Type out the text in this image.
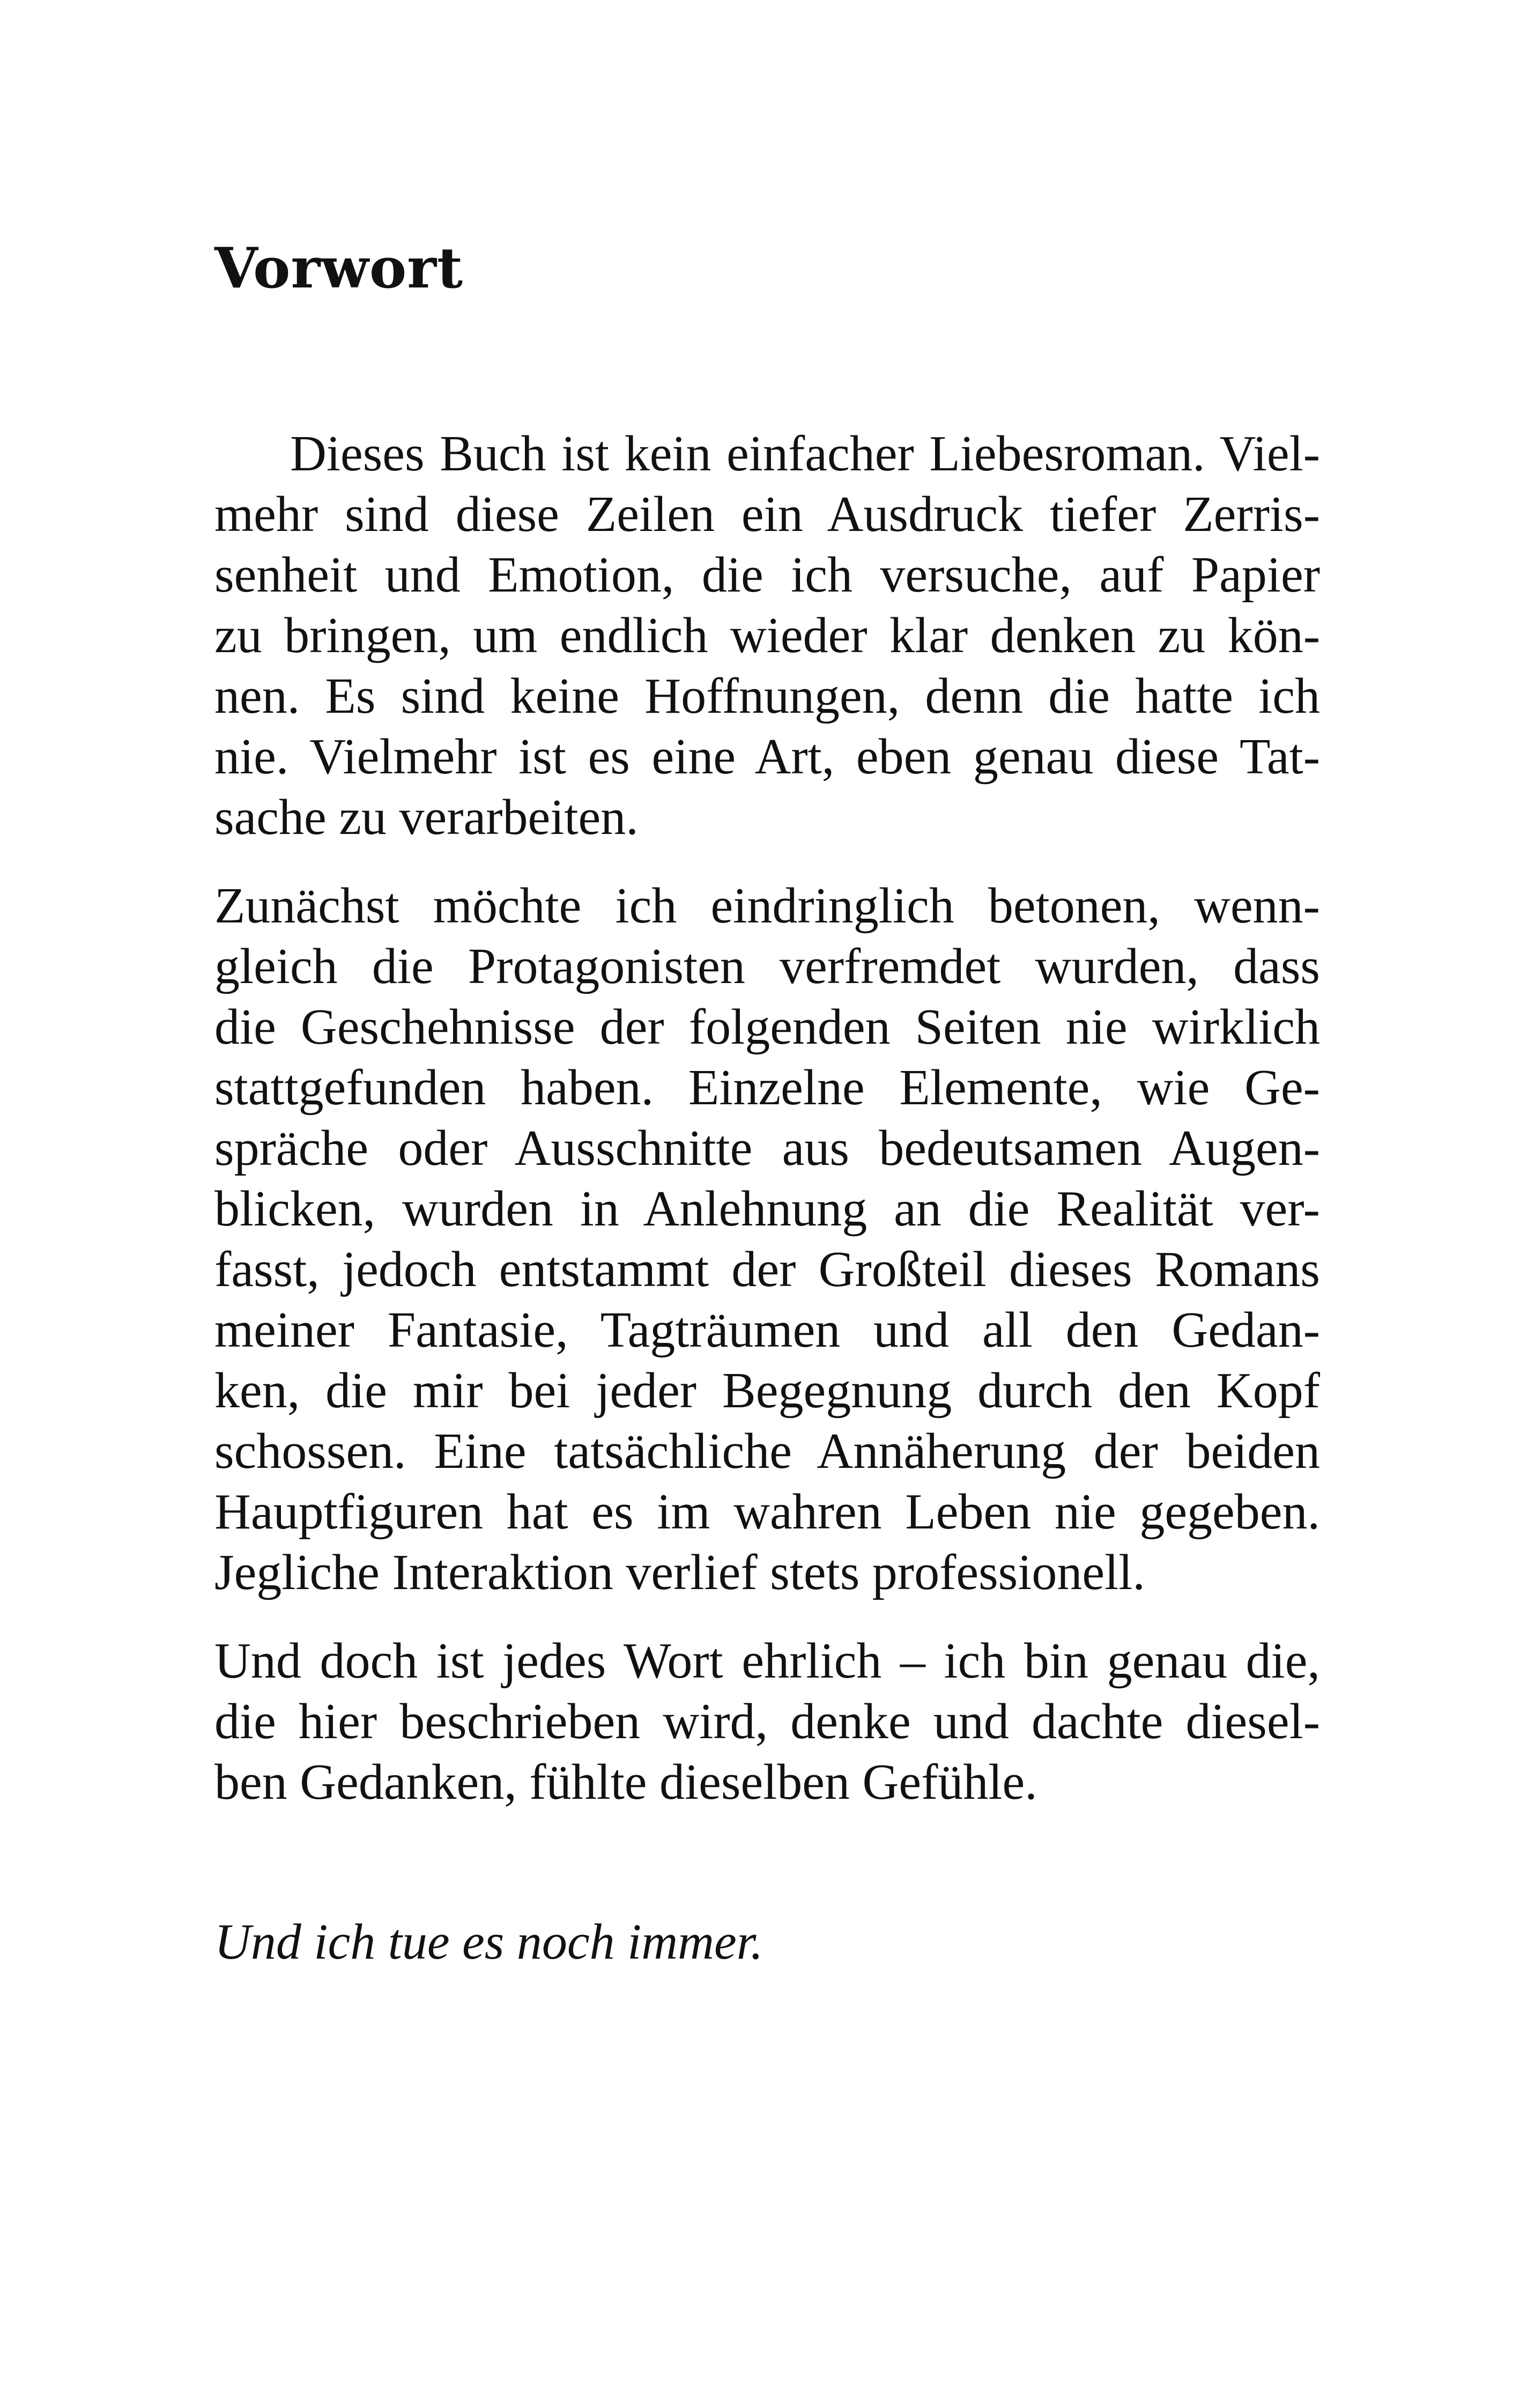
Vorwort
  Dieses Buch ist kein einfacher Liebesroman. Viel-
mehr sind diese Zeilen ein Ausdruck tiefer Zerris-
senheit und Emotion, die ich versuche, auf Papier
zu bringen, um endlich wieder klar denken zu kön-
nen. Es sind keine Hoffnungen, denn die hatte ich
nie. Vielmehr ist es eine Art, eben genau diese Tat-
sache zu verarbeiten.
Zunächst möchte ich eindringlich betonen, wenn-
gleich die Protagonisten verfremdet wurden, dass
die Geschehnisse der folgenden Seiten nie wirklich
stattgefunden haben. Einzelne Elemente, wie Ge-
spräche oder Ausschnitte aus bedeutsamen Augen-
blicken, wurden in Anlehnung an die Realität ver-
fasst, jedoch entstammt der Großteil dieses Romans
meiner Fantasie, Tagträumen und all den Gedan-
ken, die mir bei jeder Begegnung durch den Kopf
schossen. Eine tatsächliche Annäherung der beiden
Hauptfiguren hat es im wahren Leben nie gegeben.
Jegliche Interaktion verlief stets professionell.
Und doch ist jedes Wort ehrlich – ich bin genau die,
die hier beschrieben wird, denke und dachte diesel-
ben Gedanken, fühlte dieselben Gefühle.
Und ich tue es noch immer.
